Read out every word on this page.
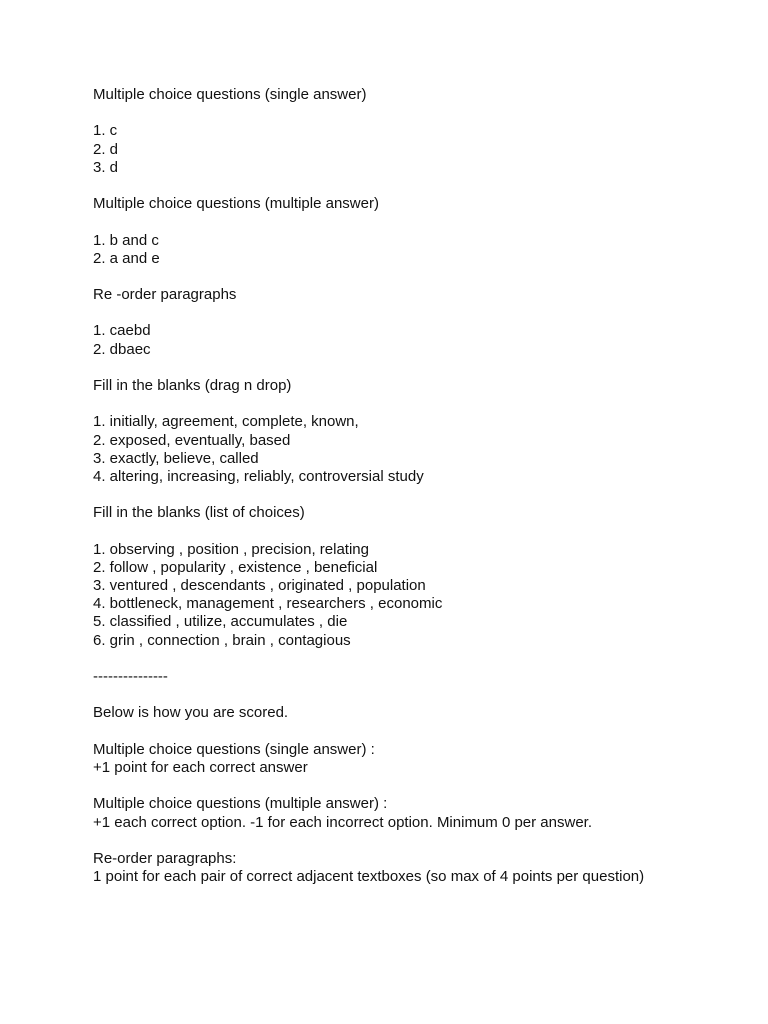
Multiple choice questions (single answer)
1. c
2. d
3. d
Multiple choice questions (multiple answer)
1. b and c
2. a and e
Re -order paragraphs
1. caebd
2. dbaec
Fill in the blanks (drag n drop)
1. initially, agreement, complete, known,
2. exposed, eventually, based
3. exactly, believe, called
4. altering, increasing, reliably, controversial study
Fill in the blanks (list of choices)
1. observing , position , precision, relating
2. follow , popularity , existence , beneficial
3. ventured , descendants , originated , population
4. bottleneck, management , researchers , economic
5. classified , utilize, accumulates , die
6. grin , connection , brain , contagious
---------------
Below is how you are scored.
Multiple choice questions (single answer) :
+1 point for each correct answer
Multiple choice questions (multiple answer) :
+1 each correct option. -1 for each incorrect option. Minimum 0 per answer.
Re-order paragraphs:
1 point for each pair of correct adjacent textboxes (so max of 4 points per question)
